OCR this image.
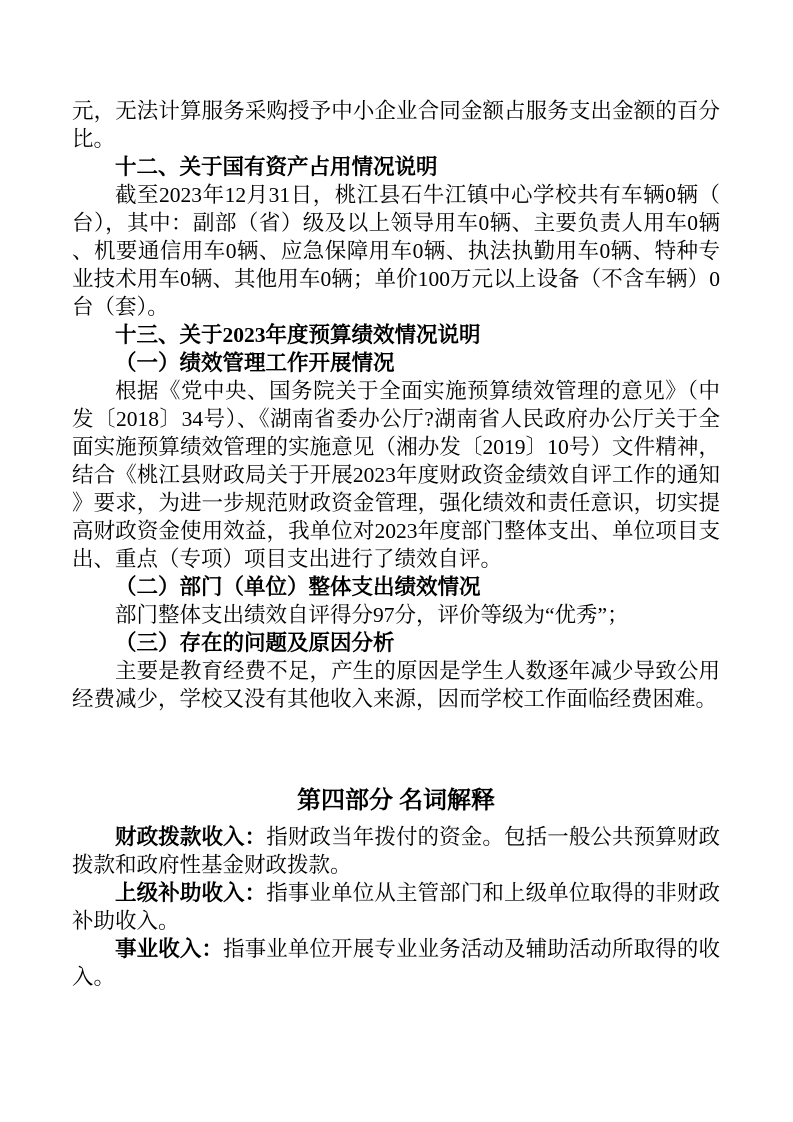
元，无法计算服务采购授予中小企业合同金额占服务支出金额的百分比。

十二、关于国有资产占用情况说明

截至2023年12月31日，桃江县石牛江镇中心学校共有车辆0辆（台），其中：副部（省）级及以上领导用车0辆、主要负责人用车0辆、机要通信用车0辆、应急保障用车0辆、执法执勤用车0辆、特种专业技术用车0辆、其他用车0辆；单价100万元以上设备（不含车辆）0台（套）。

十三、关于2023年度预算绩效情况说明

（一）绩效管理工作开展情况

根据《党中央、国务院关于全面实施预算绩效管理的意见》（中发〔2018〕34号）、《湖南省委办公厅?湖南省人民政府办公厅关于全面实施预算绩效管理的实施意见（湘办发〔2019〕10号）文件精神，结合《桃江县财政局关于开展2023年度财政资金绩效自评工作的通知》要求，为进一步规范财政资金管理，强化绩效和责任意识，切实提高财政资金使用效益，我单位对2023年度部门整体支出、单位项目支出、重点（专项）项目支出进行了绩效自评。

（二）部门（单位）整体支出绩效情况

部门整体支出绩效自评得分97分，评价等级为“优秀”；

（三）存在的问题及原因分析

主要是教育经费不足，产生的原因是学生人数逐年减少导致公用经费减少，学校又没有其他收入来源，因而学校工作面临经费困难。

第四部分 名词解释

财政拨款收入：指财政当年拨付的资金。包括一般公共预算财政拨款和政府性基金财政拨款。

上级补助收入：指事业单位从主管部门和上级单位取得的非财政补助收入。

事业收入：指事业单位开展专业业务活动及辅助活动所取得的收入。
